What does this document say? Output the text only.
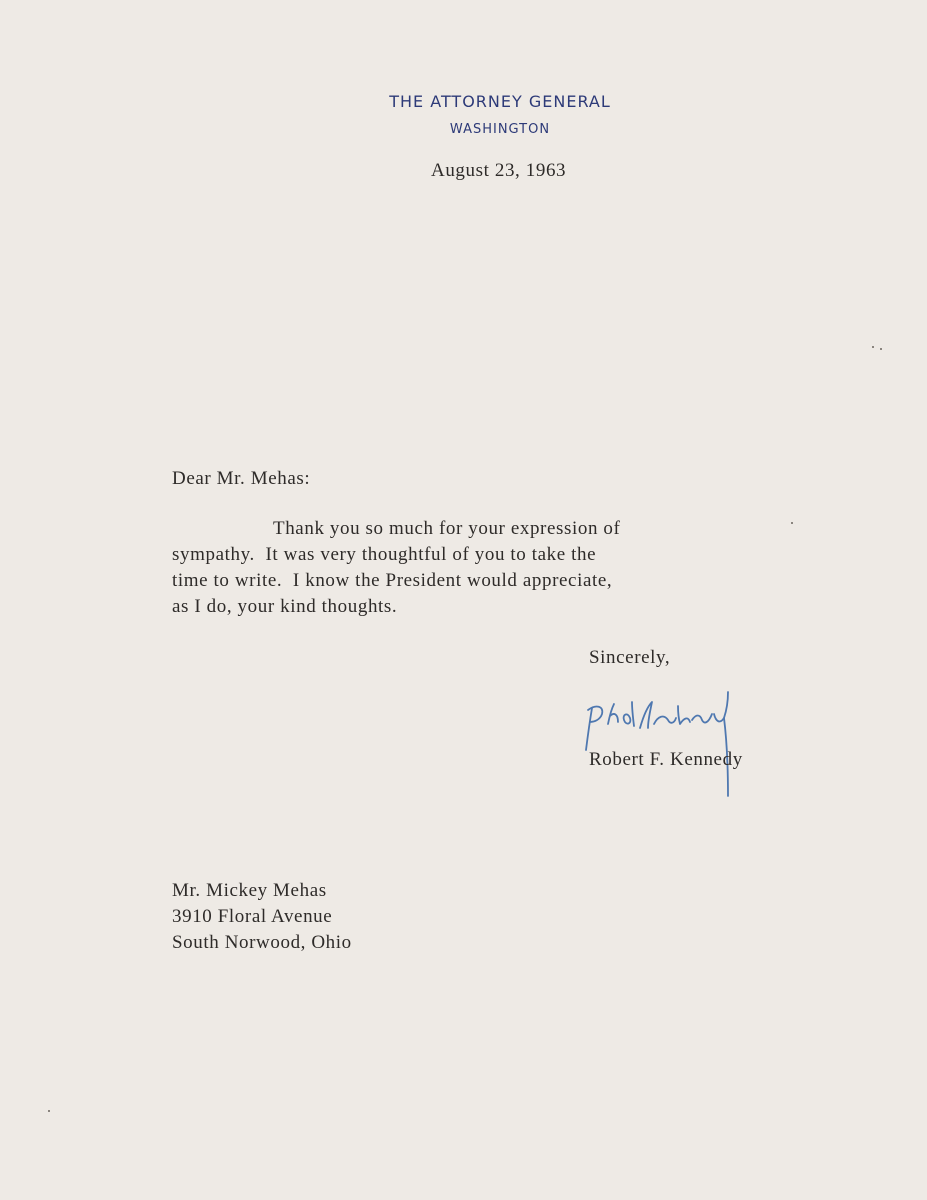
THE ATTORNEY GENERAL
WASHINGTON
August 23, 1963
Dear Mr. Mehas:
Thank you so much for your expression of
sympathy.  It was very thoughtful of you to take the
time to write.  I know the President would appreciate,
as I do, your kind thoughts.
Sincerely,
Robert F. Kennedy
Mr. Mickey Mehas
3910 Floral Avenue
South Norwood, Ohio
